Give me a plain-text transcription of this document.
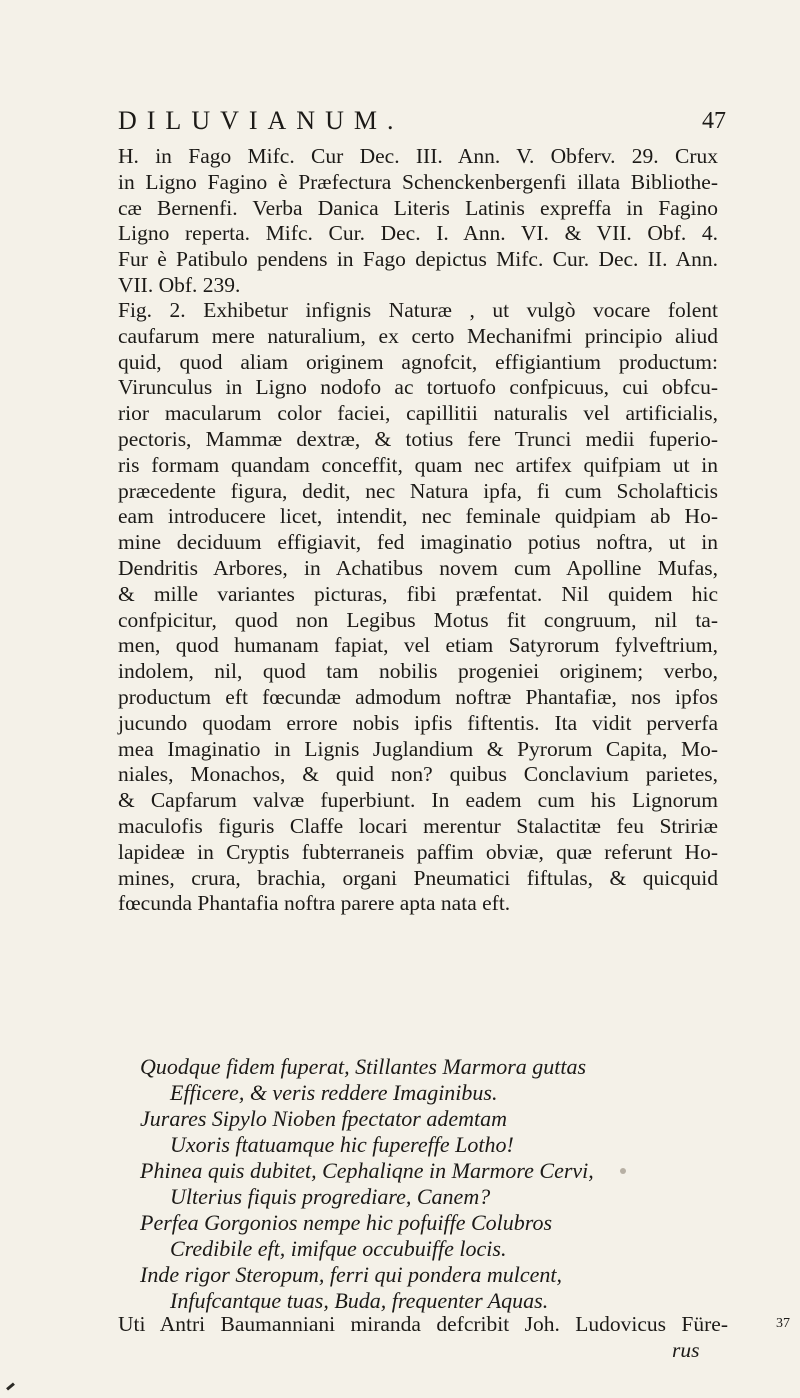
DILUVIANUM.	47
H. in Fago Mifc. Cur Dec. III. Ann. V. Obferv. 29. Crux
in Ligno Fagino è Præfectura Schenckenbergenfi illata Bibliothe-
cæ Bernenfi. Verba Danica Literis Latinis expreffa in Fagino
Ligno reperta. Mifc. Cur. Dec. I. Ann. VI. & VII. Obf. 4.
Fur è Patibulo pendens in Fago depictus Mifc. Cur. Dec. II. Ann.
VII. Obf. 239.
Fig. 2. Exhibetur infignis Naturæ , ut vulgò vocare folent
caufarum mere naturalium, ex certo Mechanifmi principio aliud
quid, quod aliam originem agnofcit, effigiantium productum:
Virunculus in Ligno nodofo ac tortuofo confpicuus, cui obfcu-
rior macularum color faciei, capillitii naturalis vel artificialis,
pectoris, Mammæ dextræ, & totius fere Trunci medii fuperio-
ris formam quandam conceffit, quam nec artifex quifpiam ut in
præcedente figura, dedit, nec Natura ipfa, fi cum Scholafticis
eam introducere licet, intendit, nec feminale quidpiam ab Ho-
mine deciduum effigiavit, fed imaginatio potius noftra, ut in
Dendritis Arbores, in Achatibus novem cum Apolline Mufas,
& mille variantes picturas, fibi præfentat. Nil quidem hic
confpicitur, quod non Legibus Motus fit congruum, nil ta-
men, quod humanam fapiat, vel etiam Satyrorum fylveftrium,
indolem, nil, quod tam nobilis progeniei originem; verbo,
productum eft fœcundæ admodum noftræ Phantafiæ, nos ipfos
jucundo quodam errore nobis ipfis fiftentis. Ita vidit perverfa
mea Imaginatio in Lignis Juglandium & Pyrorum Capita, Mo-
niales, Monachos, & quid non? quibus Conclavium parietes,
& Capfarum valvæ fuperbiunt. In eadem cum his Lignorum
maculofis figuris Claffe locari merentur Stalactitæ feu Stririæ
lapideæ in Cryptis fubterraneis paffim obviæ, quæ referunt Ho-
mines, crura, brachia, organi Pneumatici fiftulas, & quicquid
fœcunda Phantafia noftra parere apta nata eft.
Quodque fidem fuperat, Stillantes Marmora guttas
Efficere, & veris reddere Imaginibus.
Jurares Sipylo Nioben fpectator ademtam
Uxoris ftatuamque hic fupereffe Lotho!
Phinea quis dubitet, Cephaliqne in Marmore Cervi,
Ulterius fiquis progrediare, Canem?
Perfea Gorgonios nempe hic pofuiffe Colubros
Credibile eft, imifque occubuiffe locis.
Inde rigor Steropum, ferri qui pondera mulcent,
Infufcantque tuas, Buda, frequenter Aquas.
Uti Antri Baumanniani miranda defcribit Joh. Ludovicus Füre-
rus
37
